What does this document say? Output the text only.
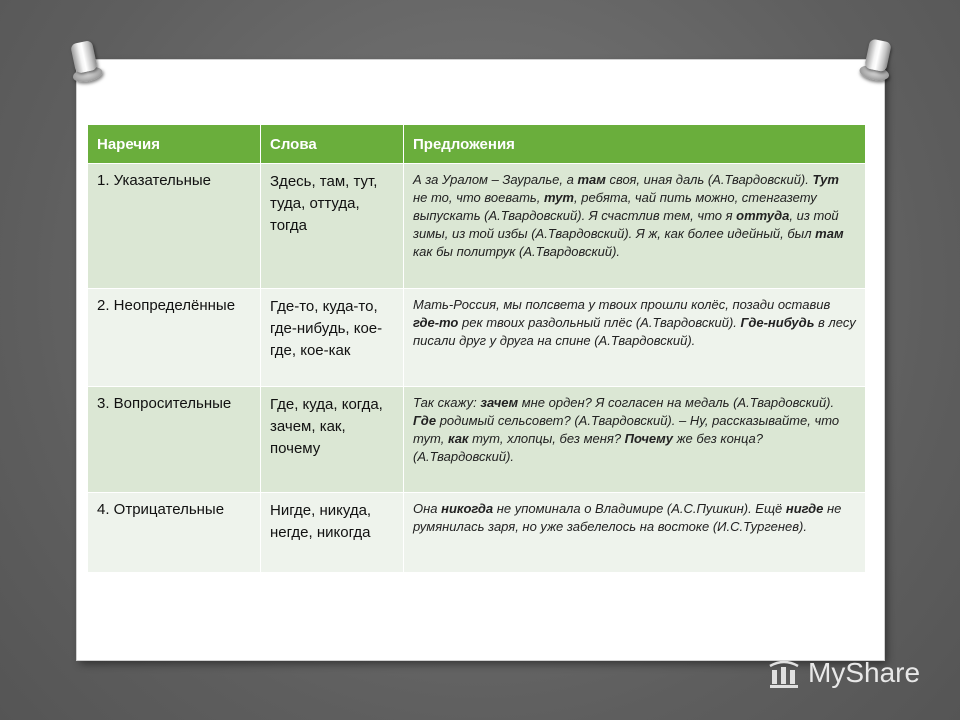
Наречия	Слова	Предложения

1. Указательные	Здесь, там, тут, туда, оттуда, тогда	А за Уралом – Зауралье, а там своя, иная даль (А.Твардовский). Тут не то, что воевать, тут, ребята, чай пить можно, стенгазету выпускать (А.Твардовский). Я счастлив тем, что я оттуда, из той зимы, из той избы (А.Твардовский). Я ж, как более идейный, был там как бы политрук (А.Твардовский).

2. Неопределённые	Где-то, куда-то, где-нибудь, кое-где, кое-как	Мать-Россия, мы полсвета у твоих прошли колёс, позади оставив где-то рек твоих раздольный плёс (А.Твардовский). Где-нибудь в лесу писали друг у друга на спине (А.Твардовский).

3. Вопросительные	Где, куда, когда, зачем, как, почему	Так скажу: зачем мне орден? Я согласен на медаль (А.Твардовский). Где родимый сельсовет? (А.Твардовский). – Ну, рассказывайте, что тут, как тут, хлопцы, без меня? Почему же без конца? (А.Твардовский).

4. Отрицательные	Нигде, никуда, негде, никогда	Она никогда не упоминала о Владимире (А.С.Пушкин). Ещё нигде не румянилась заря, но уже забелелось на востоке (И.С.Тургенев).
MyShare
